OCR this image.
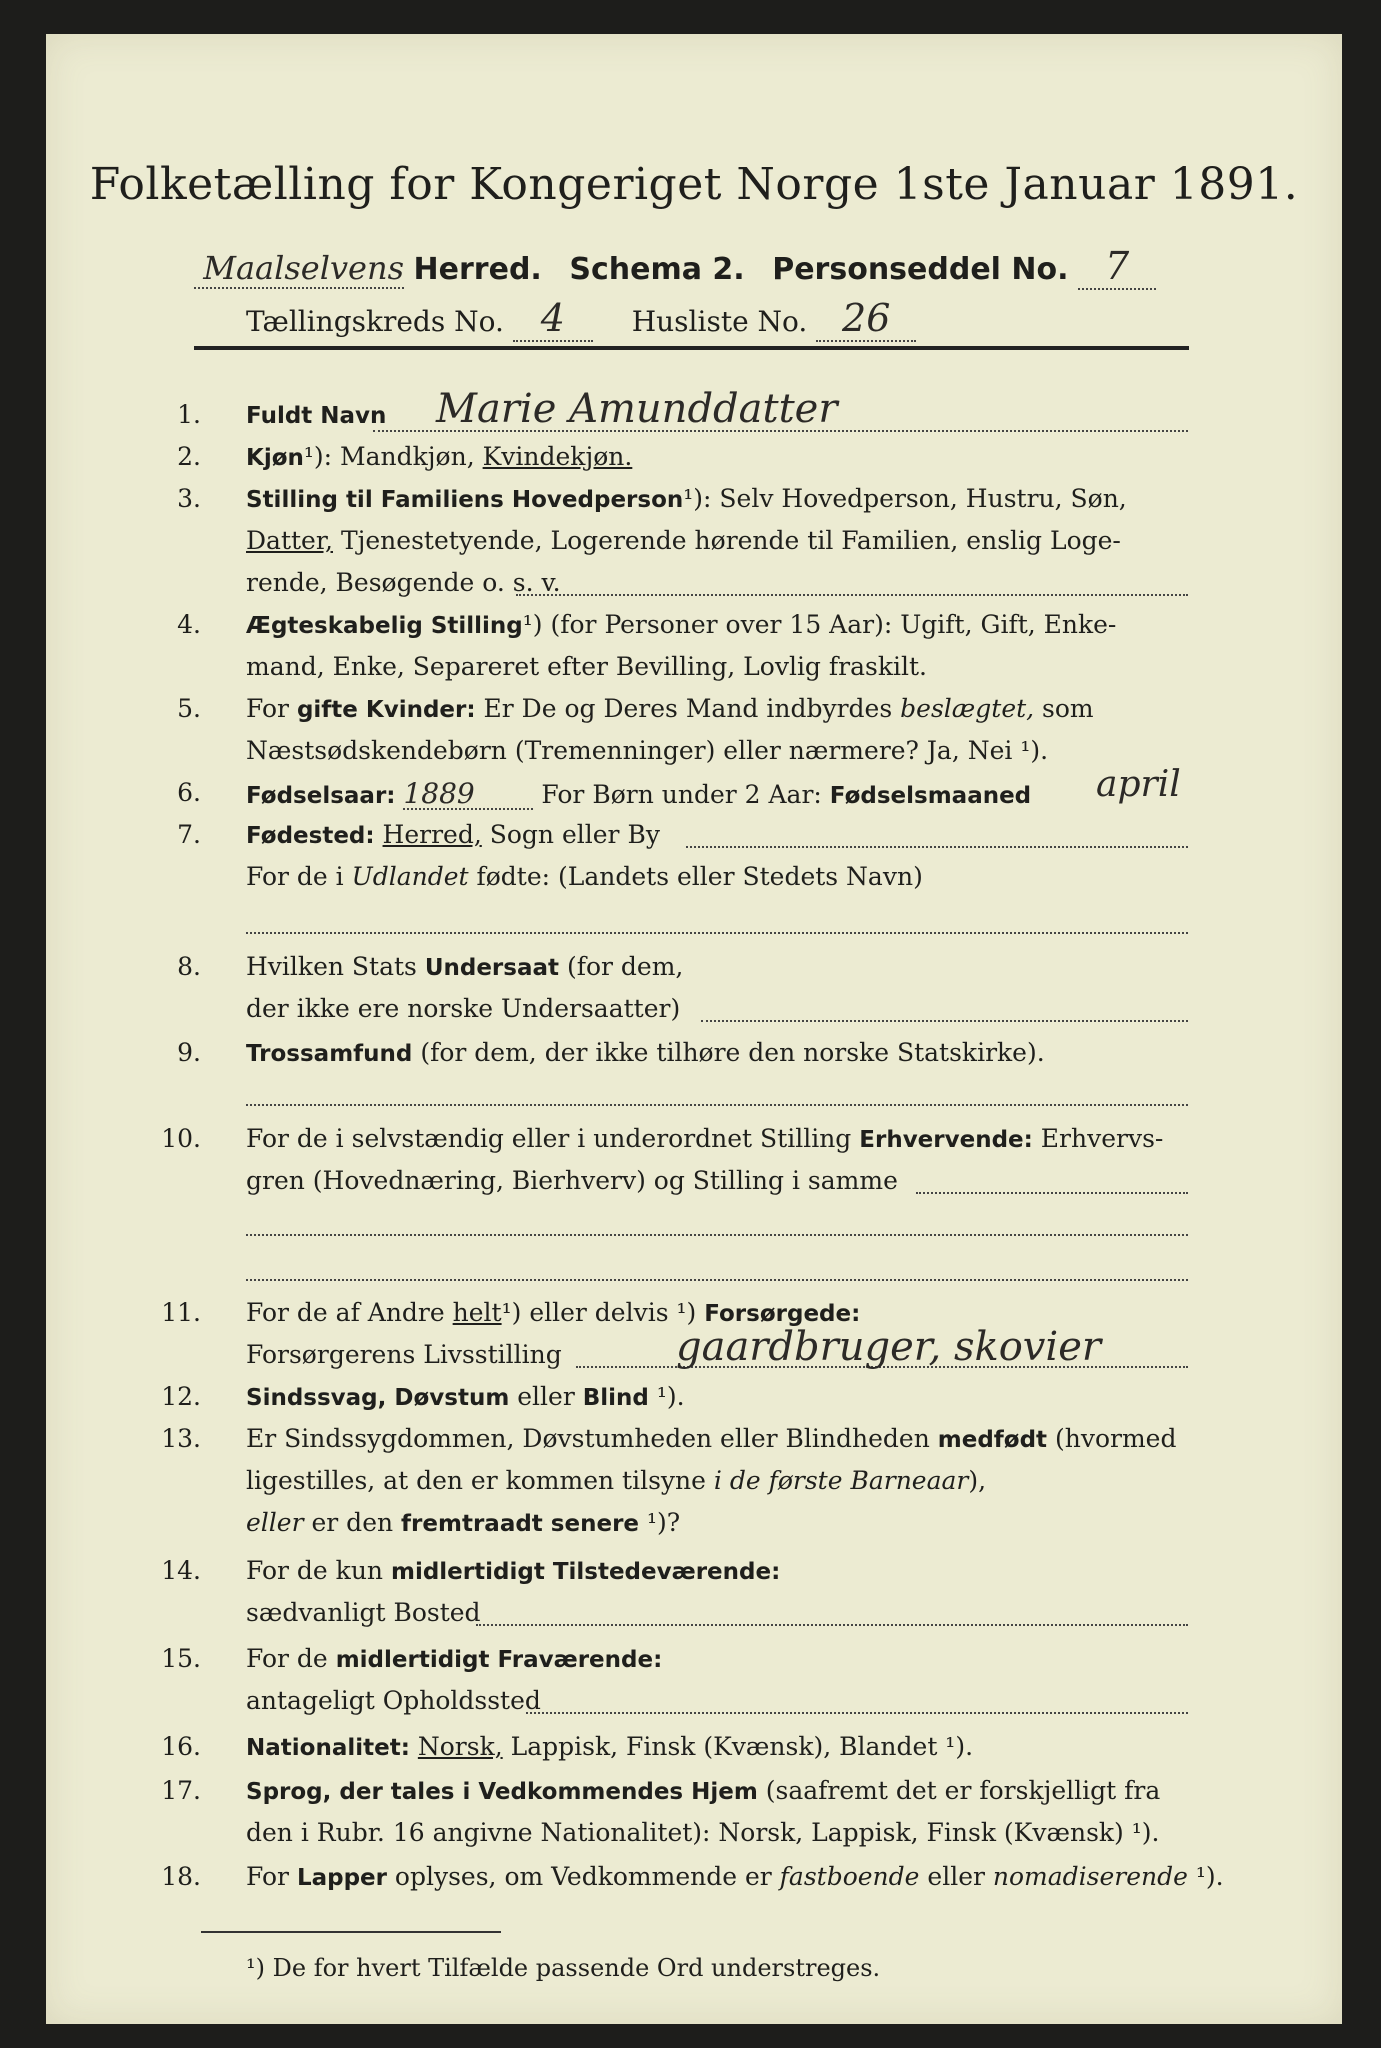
Folketælling for Kongeriget Norge 1ste Januar 1891.
Maalselvens Herred. Schema 2. Personseddel No. 7
Tællingskreds No. 4 Husliste No. 26
1. Fuldt Navn Marie Amunddatter
2. Kjøn¹): Mandkjøn, Kvindekjøn.
3. Stilling til Familiens Hovedperson¹): Selv Hovedperson, Hustru, Søn,
Datter, Tjenestetyende, Logerende hørende til Familien, enslig Loge-
rende, Besøgende o. s. v.
4. Ægteskabelig Stilling¹) (for Personer over 15 Aar): Ugift, Gift, Enke-
mand, Enke, Separeret efter Bevilling, Lovlig fraskilt.
5. For gifte Kvinder: Er De og Deres Mand indbyrdes beslægtet, som
Næstsødskendebørn (Tremenninger) eller nærmere? Ja, Nei ¹).
6. Fødselsaar: 1889	For Børn under 2 Aar: Fødselsmaaned april
7. Fødested: Herred, Sogn eller By
For de i Udlandet fødte: (Landets eller Stedets Navn)
8. Hvilken Stats Undersaat (for dem,
der ikke ere norske Undersaatter)
9. Trossamfund (for dem, der ikke tilhøre den norske Statskirke).
10. For de i selvstændig eller i underordnet Stilling Erhvervende: Erhvervs-
gren (Hovednæring, Bierhverv) og Stilling i samme
11. For de af Andre helt¹) eller delvis ¹) Forsørgede:
Forsørgerens Livsstilling	gaardbruger, skovier
12. Sindssvag, Døvstum eller Blind ¹).
13. Er Sindssygdommen, Døvstumheden eller Blindheden medfødt (hvormed
ligestilles, at den er kommen tilsyne i de første Barneaar),
eller er den fremtraadt senere ¹)?
14. For de kun midlertidigt Tilstedeværende:
sædvanligt Bosted
15. For de midlertidigt Fraværende:
antageligt Opholdssted
16. Nationalitet: Norsk, Lappisk, Finsk (Kvænsk), Blandet ¹).
17. Sprog, der tales i Vedkommendes Hjem (saafremt det er forskjelligt fra
den i Rubr. 16 angivne Nationalitet): Norsk, Lappisk, Finsk (Kvænsk) ¹).
18. For Lapper oplyses, om Vedkommende er fastboende eller nomadiserende ¹).
¹) De for hvert Tilfælde passende Ord understreges.
